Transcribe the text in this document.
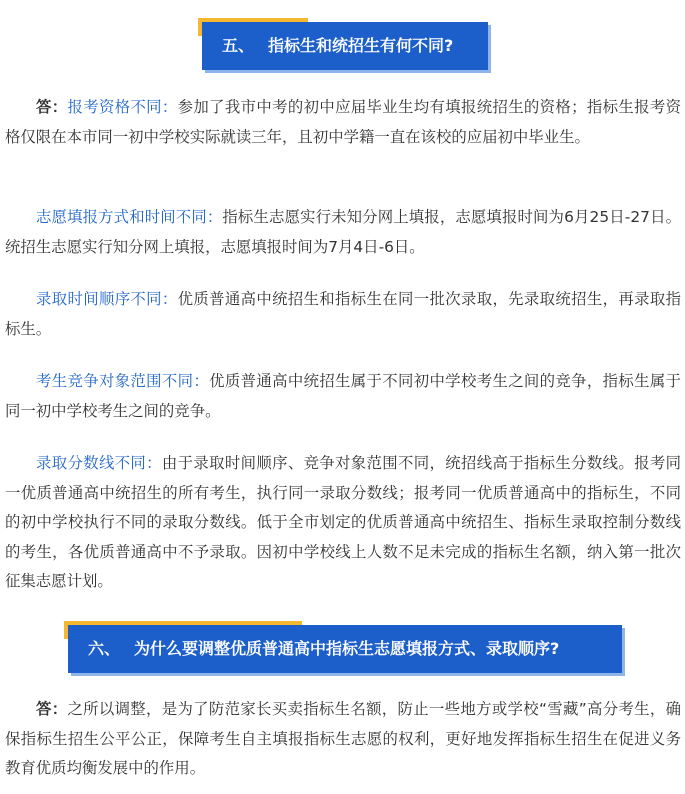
五、 指标生和统招生有何不同?

答：报考资格不同：参加了我市中考的初中应届毕业生均有填报统招生的资格；指标生报考资格仅限在本市同一初中学校实际就读三年，且初中学籍一直在该校的应届初中毕业生。

志愿填报方式和时间不同：指标生志愿实行未知分网上填报，志愿填报时间为6月25日-27日。统招生志愿实行知分网上填报，志愿填报时间为7月4日-6日。

录取时间顺序不同：优质普通高中统招生和指标生在同一批次录取，先录取统招生，再录取指标生。

考生竞争对象范围不同：优质普通高中统招生属于不同初中学校考生之间的竞争，指标生属于同一初中学校考生之间的竞争。

录取分数线不同：由于录取时间顺序、竞争对象范围不同，统招线高于指标生分数线。报考同一优质普通高中统招生的所有考生，执行同一录取分数线；报考同一优质普通高中的指标生，不同的初中学校执行不同的录取分数线。低于全市划定的优质普通高中统招生、指标生录取控制分数线的考生，各优质普通高中不予录取。因初中学校线上人数不足未完成的指标生名额，纳入第一批次征集志愿计划。

六、 为什么要调整优质普通高中指标生志愿填报方式、录取顺序?

答：之所以调整，是为了防范家长买卖指标生名额，防止一些地方或学校“雪藏”高分考生，确保指标生招生公平公正，保障考生自主填报指标生志愿的权利，更好地发挥指标生招生在促进义务教育优质均衡发展中的作用。
